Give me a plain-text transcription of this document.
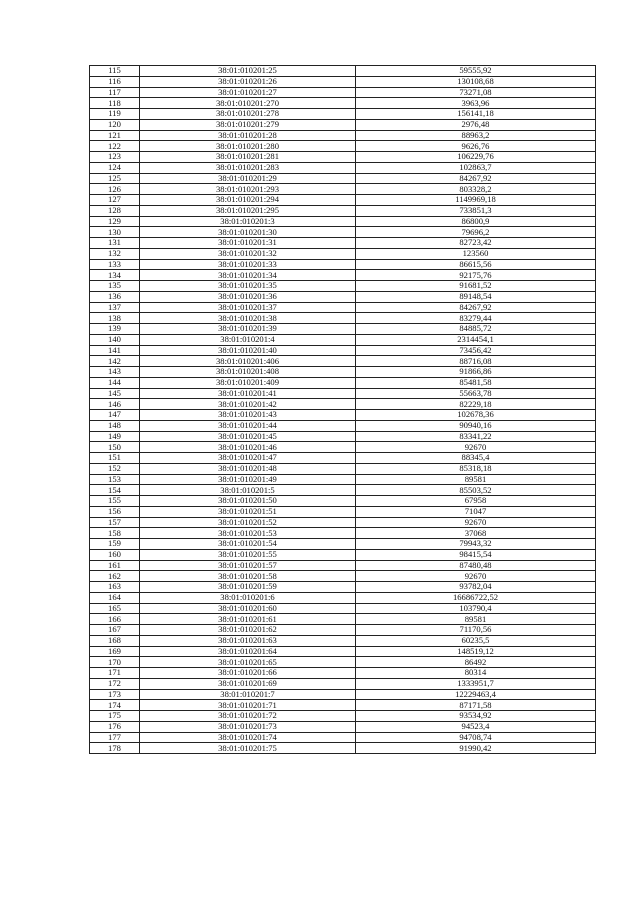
115	38:01:010201:25	59555,92
116	38:01:010201:26	130108,68
117	38:01:010201:27	73271,08
118	38:01:010201:270	3963,96
119	38:01:010201:278	156141,18
120	38:01:010201:279	2976,48
121	38:01:010201:28	88963,2
122	38:01:010201:280	9626,76
123	38:01:010201:281	106229,76
124	38:01:010201:283	102863,7
125	38:01:010201:29	84267,92
126	38:01:010201:293	803328,2
127	38:01:010201:294	1149969,18
128	38:01:010201:295	733851,3
129	38:01:010201:3	86800,9
130	38:01:010201:30	79696,2
131	38:01:010201:31	82723,42
132	38:01:010201:32	123560
133	38:01:010201:33	86615,56
134	38:01:010201:34	92175,76
135	38:01:010201:35	91681,52
136	38:01:010201:36	89148,54
137	38:01:010201:37	84267,92
138	38:01:010201:38	83279,44
139	38:01:010201:39	84885,72
140	38:01:010201:4	2314454,1
141	38:01:010201:40	73456,42
142	38:01:010201:406	88716,08
143	38:01:010201:408	91866,86
144	38:01:010201:409	85481,58
145	38:01:010201:41	55663,78
146	38:01:010201:42	82229,18
147	38:01:010201:43	102678,36
148	38:01:010201:44	90940,16
149	38:01:010201:45	83341,22
150	38:01:010201:46	92670
151	38:01:010201:47	88345,4
152	38:01:010201:48	85318,18
153	38:01:010201:49	89581
154	38:01:010201:5	85503,52
155	38:01:010201:50	67958
156	38:01:010201:51	71047
157	38:01:010201:52	92670
158	38:01:010201:53	37068
159	38:01:010201:54	79943,32
160	38:01:010201:55	98415,54
161	38:01:010201:57	87480,48
162	38:01:010201:58	92670
163	38:01:010201:59	93782,04
164	38:01:010201:6	16686722,52
165	38:01:010201:60	103790,4
166	38:01:010201:61	89581
167	38:01:010201:62	71170,56
168	38:01:010201:63	60235,5
169	38:01:010201:64	148519,12
170	38:01:010201:65	86492
171	38:01:010201:66	80314
172	38:01:010201:69	1333951,7
173	38:01:010201:7	12229463,4
174	38:01:010201:71	87171,58
175	38:01:010201:72	93534,92
176	38:01:010201:73	94523,4
177	38:01:010201:74	94708,74
178	38:01:010201:75	91990,42
